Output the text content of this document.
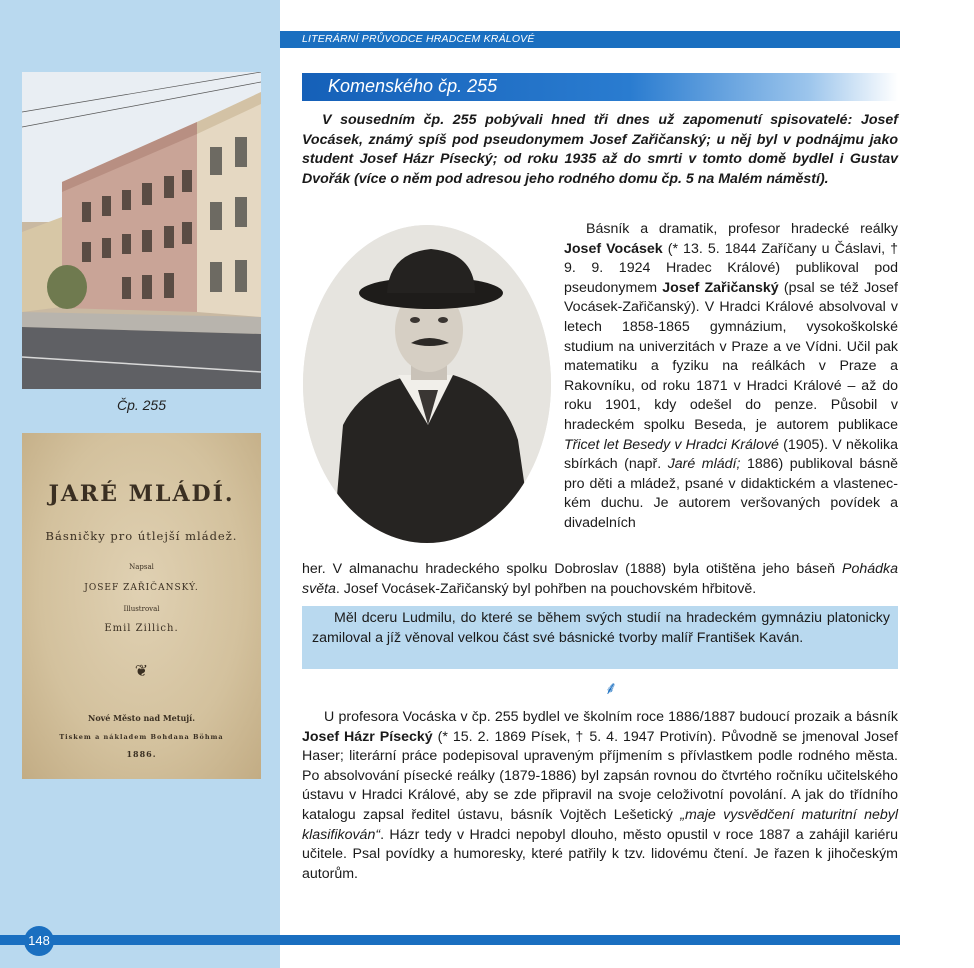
LITERÁRNÍ PRŮVODCE HRADCEM KRÁLOVÉ
Čp. 255
JARÉ MLÁDÍ.
Básničky pro útlejší mládež.
Napsal
JOSEF ZAŘIČANSKÝ.
Illustroval
Emil Zillich.
❦
Nové Město nad Metují.
Tiskem a nákladem Bohdana Böhma
1886.
Komenského čp. 255

V sousedním čp. 255 pobývali hned tři dnes už zapomenutí spisovatelé: Josef Vocásek, známý spíš pod pseudonymem Josef Zařičanský; u něj byl v podnájmu jako student Josef Házr Písecký; od roku 1935 až do smrti v tomto domě bydlel i Gustav Dvořák (více o něm pod adresou jeho rodného domu čp. 5 na Malém náměstí).

Básník a dramatik, profesor hradecké reálky Josef Vocásek (* 13. 5. 1844 Zaříčany u Čáslavi, † 9. 9. 1924 Hradec Králové) publikoval pod pseudonymem Josef Zařičanský (psal se též Josef Vocásek-Zařičanský). V Hradci Králové absolvoval v letech 1858-1865 gymnázium, vysokoškolské studium na univerzitách v Praze a ve Vídni. Učil pak matematiku a fyziku na reálkách v Praze a Rakovníku, od roku 1871 v Hradci Králové – až do roku 1901, kdy odešel do penze. Působil v hradeckém spolku Beseda, je autorem publikace Třicet let Besedy v Hradci Králové (1905). V několika sbírkách (např. Jaré mládí; 1886) publikoval básně pro děti a mládež, psané v didaktickém a vlasteneckém duchu. Je autorem veršovaných povídek a divadelních

her. V almanachu hradeckého spolku Dobroslav (1888) byla otištěna jeho báseň Pohádka světa. Josef Vocásek-Zařičanský byl pohřben na pouchovském hřbitově.

Měl dceru Ludmilu, do které se během svých studií na hradeckém gymnáziu platonicky zamiloval a jíž věnoval velkou část své básnické tvorby malíř František Kaván.

⸙

U profesora Vocáska v čp. 255 bydlel ve školním roce 1886/1887 budoucí prozaik a básník Josef Házr Písecký (* 15. 2. 1869 Písek, † 5. 4. 1947 Protivín). Původně se jmenoval Josef Haser; literární práce podepisoval upraveným příjmením s přívlastkem podle rodného města. Po absolvování písecké reálky (1879-1886) byl zapsán rovnou do čtvrtého ročníku učitelského ústavu v Hradci Králové, aby se zde připravil na svoje celoživotní povolání. A jak do třídního katalogu zapsal ředitel ústavu, básník Vojtěch Lešetický „maje vysvědčení maturitní nebyl klasifikován“. Házr tedy v Hradci nepobyl dlouho, město opustil v roce 1887 a zahájil kariéru učitele. Psal povídky a humoresky, které patřily k tzv. lidovému čtení. Je řazen k jihočeským autorům.

148
